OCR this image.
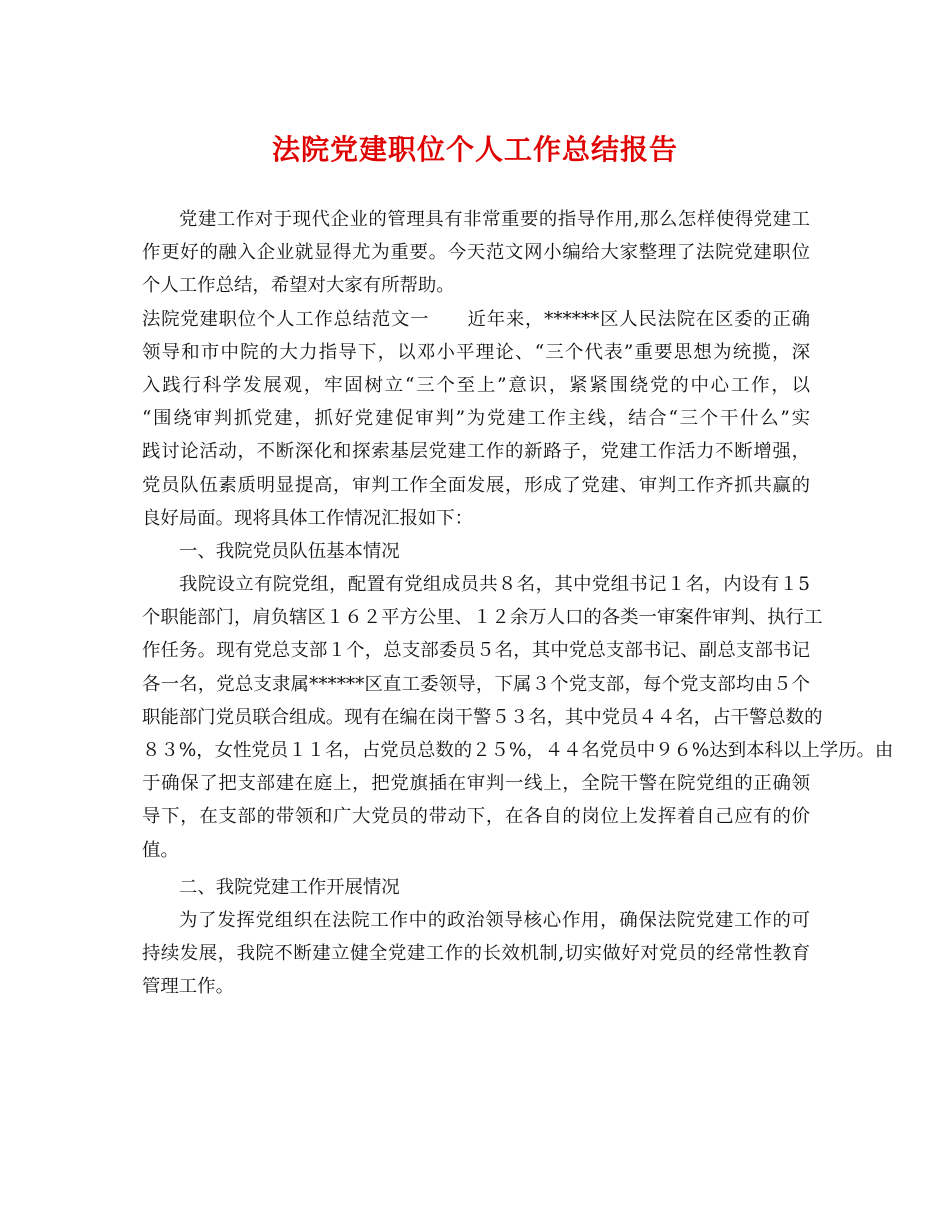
法院党建职位个人工作总结报告
党建工作对于现代企业的管理具有非常重要的指导作用,那么怎样使得党建工
作更好的融入企业就显得尤为重要。今天范文网小编给大家整理了法院党建职位
个人工作总结，希望对大家有所帮助。
法院党建职位个人工作总结范文一　　近年来，******区人民法院在区委的正确
领导和市中院的大力指导下，以邓小平理论、“三个代表”重要思想为统揽，深
入践行科学发展观，牢固树立“三个至上”意识，紧紧围绕党的中心工作，以
“围绕审判抓党建，抓好党建促审判”为党建工作主线，结合“三个干什么”实
践讨论活动，不断深化和探索基层党建工作的新路子，党建工作活力不断增强，
党员队伍素质明显提高，审判工作全面发展，形成了党建、审判工作齐抓共赢的
良好局面。现将具体工作情况汇报如下：
一、我院党员队伍基本情况
我院设立有院党组，配置有党组成员共８名，其中党组书记１名，内设有１5
个职能部门，肩负辖区１６２平方公里、１２余万人口的各类一审案件审判、执行工
作任务。现有党总支部１个，总支部委员５名，其中党总支部书记、副总支部书记
各一名，党总支隶属******区直工委领导，下属３个党支部，每个党支部均由５个
职能部门党员联合组成。现有在编在岗干警５３名，其中党员４４名，占干警总数的
８３%，女性党员１１名，占党员总数的２５%，４４名党员中９６%达到本科以上学历。由
于确保了把支部建在庭上，把党旗插在审判一线上，全院干警在院党组的正确领
导下，在支部的带领和广大党员的带动下，在各自的岗位上发挥着自己应有的价
值。
二、我院党建工作开展情况
为了发挥党组织在法院工作中的政治领导核心作用，确保法院党建工作的可
持续发展，我院不断建立健全党建工作的长效机制,切实做好对党员的经常性教育
管理工作。
